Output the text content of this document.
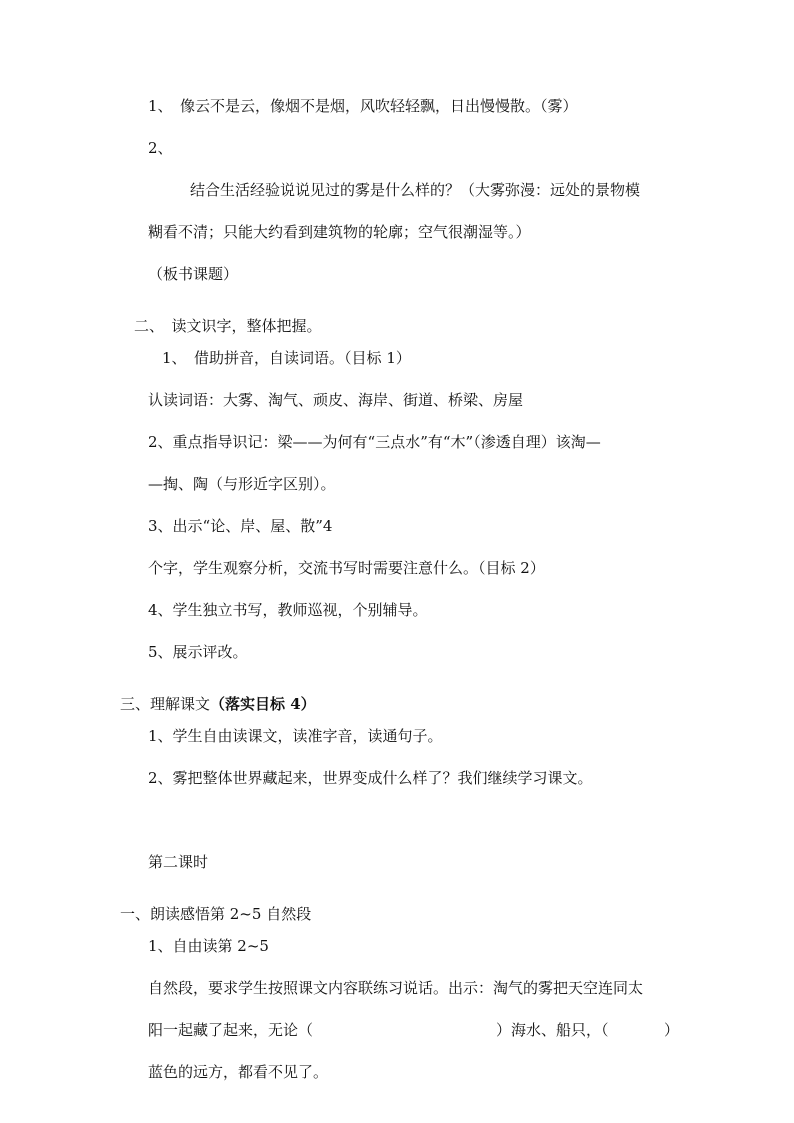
1、　像云不是云，像烟不是烟，风吹轻轻飘，日出慢慢散。（雾）
2、
结合生活经验说说见过的雾是什么样的？（大雾弥漫：远处的景物模
糊看不清；只能大约看到建筑物的轮廓；空气很潮湿等。）
（板书课题）
二、　读文识字，整体把握。
1、　借助拼音，自读词语。（目标 1）
认读词语：大雾、淘气、顽皮、海岸、街道、桥梁、房屋
2、重点指导识记：梁——为何有“三点水”有“木”（渗透自理）该淘—
—掏、陶（与形近字区别）。
3、出示“论、岸、屋、散”4
个字，学生观察分析，交流书写时需要注意什么。（目标 2）
4、学生独立书写，教师巡视，个别辅导。
5、展示评改。
三、理解课文（落实目标 4）
1、学生自由读课文，读准字音，读通句子。
2、雾把整体世界藏起来，世界变成什么样了？我们继续学习课文。
第二课时
一、朗读感悟第 2~5 自然段
1、自由读第 2~5
自然段，要求学生按照课文内容联练习说话。出示：淘气的雾把天空连同太
阳一起藏了起来，无论（	）海水、船只，（	）
蓝色的远方，都看不见了。
